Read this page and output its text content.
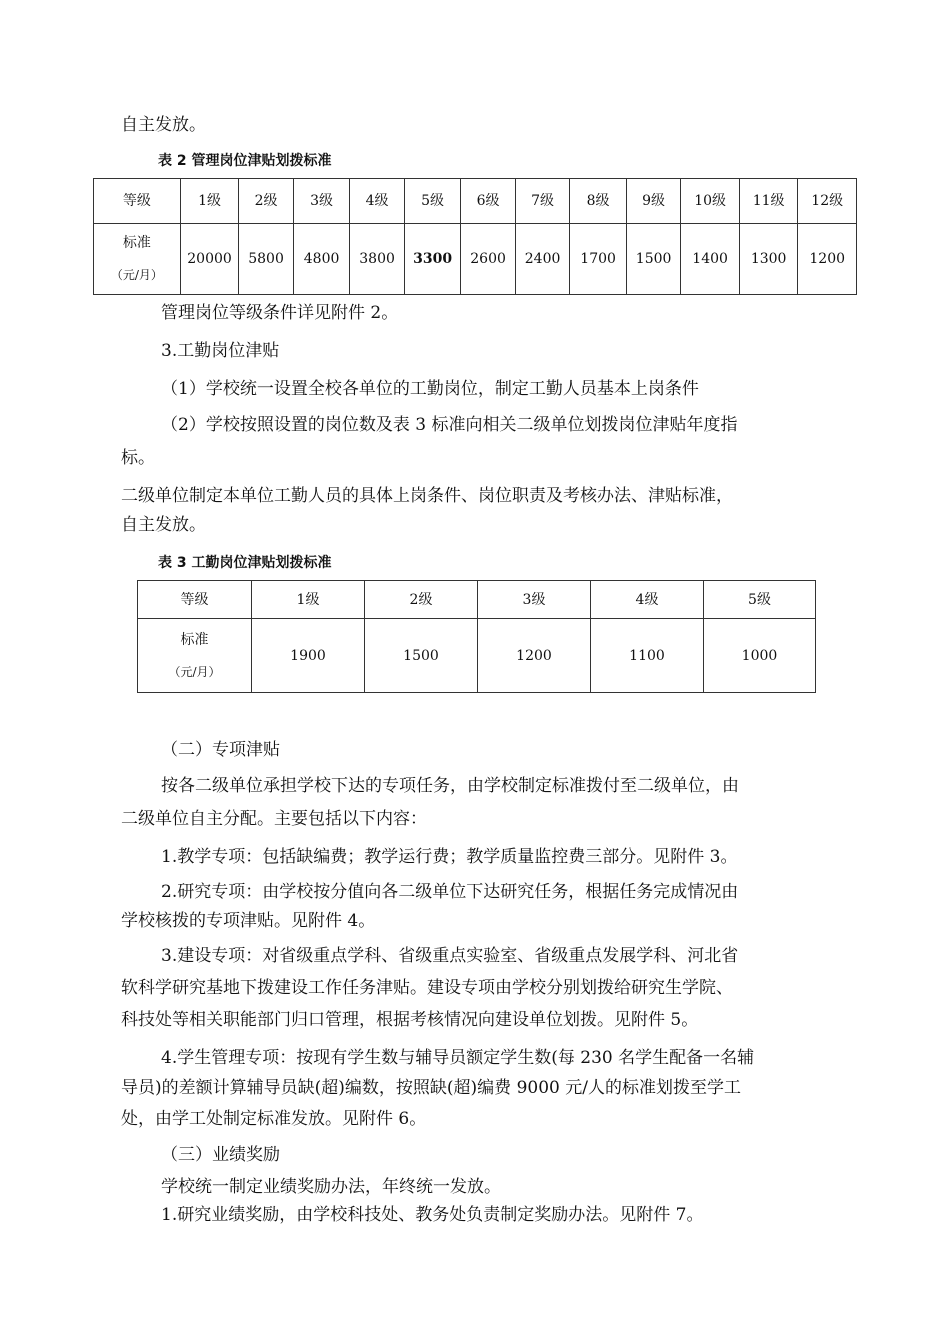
自主发放。
表 2 管理岗位津贴划拨标准
等级	1级	2级	3级	4级	5级	6级	7级	8级	9级	10级	11级	12级
标准
（元/月）	20000	5800	4800	3800	3300	2600	2400	1700	1500	1400	1300	1200
管理岗位等级条件详见附件 2。
3.工勤岗位津贴
（1）学校统一设置全校各单位的工勤岗位，制定工勤人员基本上岗条件
（2）学校按照设置的岗位数及表 3 标准向相关二级单位划拨岗位津贴年度指
标。
二级单位制定本单位工勤人员的具体上岗条件、岗位职责及考核办法、津贴标准，
自主发放。
表 3 工勤岗位津贴划拨标准
等级	1级	2级	3级	4级	5级
标准
（元/月）	1900	1500	1200	1100	1000
（二）专项津贴
按各二级单位承担学校下达的专项任务，由学校制定标准拨付至二级单位，由
二级单位自主分配。主要包括以下内容：
1.教学专项：包括缺编费；教学运行费；教学质量监控费三部分。见附件 3。
2.研究专项：由学校按分值向各二级单位下达研究任务，根据任务完成情况由
学校核拨的专项津贴。见附件 4。
3.建设专项：对省级重点学科、省级重点实验室、省级重点发展学科、河北省
软科学研究基地下拨建设工作任务津贴。建设专项由学校分别划拨给研究生学院、
科技处等相关职能部门归口管理，根据考核情况向建设单位划拨。见附件 5。
4.学生管理专项：按现有学生数与辅导员额定学生数(每 230 名学生配备一名辅
导员)的差额计算辅导员缺(超)编数，按照缺(超)编费 9000 元/人的标准划拨至学工
处，由学工处制定标准发放。见附件 6。
（三）业绩奖励
学校统一制定业绩奖励办法，年终统一发放。
1.研究业绩奖励，由学校科技处、教务处负责制定奖励办法。见附件 7。
